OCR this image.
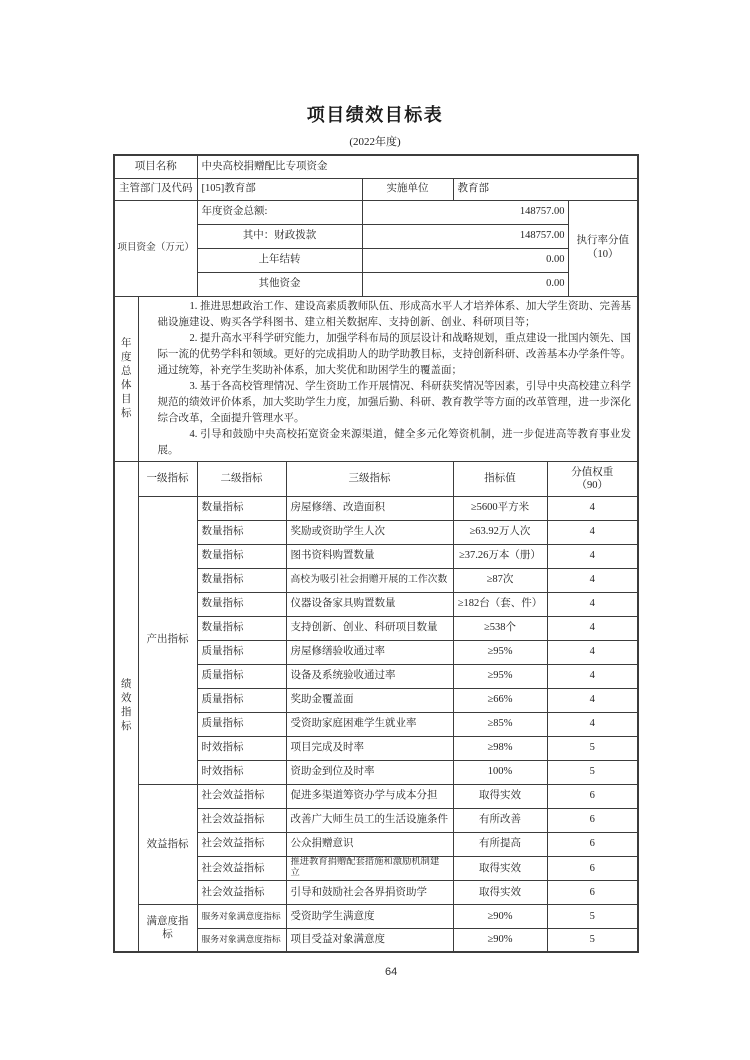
项目绩效目标表
(2022年度)
项目名称		中央高校捐赠配比专项资金					
主管部门及代码		[105]教育部		实施单位	教育部		
项目资金（万元）		年度资金总额:		148757.00			执行率分值
（10）

		其中：财政拨款		148757.00			
		上年结转		0.00			
		其他资金		0.00			

年度
总体
目标

1. 推进思想政治工作、建设高素质教师队伍、形成高水平人才培养体系、加大学生资助、完善基础设施建设、购买各学科图书、建立相关数据库、支持创新、创业、科研项目等；

2. 提升高水平科学研究能力，加强学科布局的顶层设计和战略规划，重点建设一批国内领先、国际一流的优势学科和领域。更好的完成捐助人的助学助教目标，支持创新科研、改善基本办学条件等。通过统筹，补充学生奖助补体系，加大奖优和助困学生的覆盖面；

3. 基于各高校管理情况、学生资助工作开展情况、科研获奖情况等因素，引导中央高校建立科学规范的绩效评价体系，加大奖助学生力度，加强后勤、科研、教育教学等方面的改革管理，进一步深化综合改革，全面提升管理水平。

4. 引导和鼓励中央高校拓宽资金来源渠道，健全多元化筹资机制，进一步促进高等教育事业发展。

绩效
指标	一级指标	二级指标	三级指标		指标值	分值权重
（90）	

	产出指标	数量指标	房屋修缮、改造面积		≥5600平方米	4	
		数量指标	奖励或资助学生人次		≥63.92万人次	4	
		数量指标	图书资料购置数量		≥37.26万本（册）	4	
		数量指标	高校为吸引社会捐赠开展的工作次数		≥87次	4	
		数量指标	仪器设备家具购置数量		≥182台（套、件）	4	
		数量指标	支持创新、创业、科研项目数量		≥538个	4	
		质量指标	房屋修缮验收通过率		≥95%	4	
		质量指标	设备及系统验收通过率		≥95%	4	
		质量指标	奖助金覆盖面		≥66%	4	
		质量指标	受资助家庭困难学生就业率		≥85%	4	
		时效指标	项目完成及时率		≥98%	5	
		时效指标	资助金到位及时率		100%	5	
	效益指标	社会效益指标	促进多渠道筹资办学与成本分担		取得实效	6	
		社会效益指标	改善广大师生员工的生活设施条件		有所改善	6	
		社会效益指标	公众捐赠意识		有所提高	6	
		社会效益指标	推进教育捐赠配套措施和激励机制建立		取得实效	6	
		社会效益指标	引导和鼓励社会各界捐资助学		取得实效	6	
	满意度指标	服务对象满意度指标	受资助学生满意度		≥90%	5	
		服务对象满意度指标	项目受益对象满意度		≥90%	5	
64
